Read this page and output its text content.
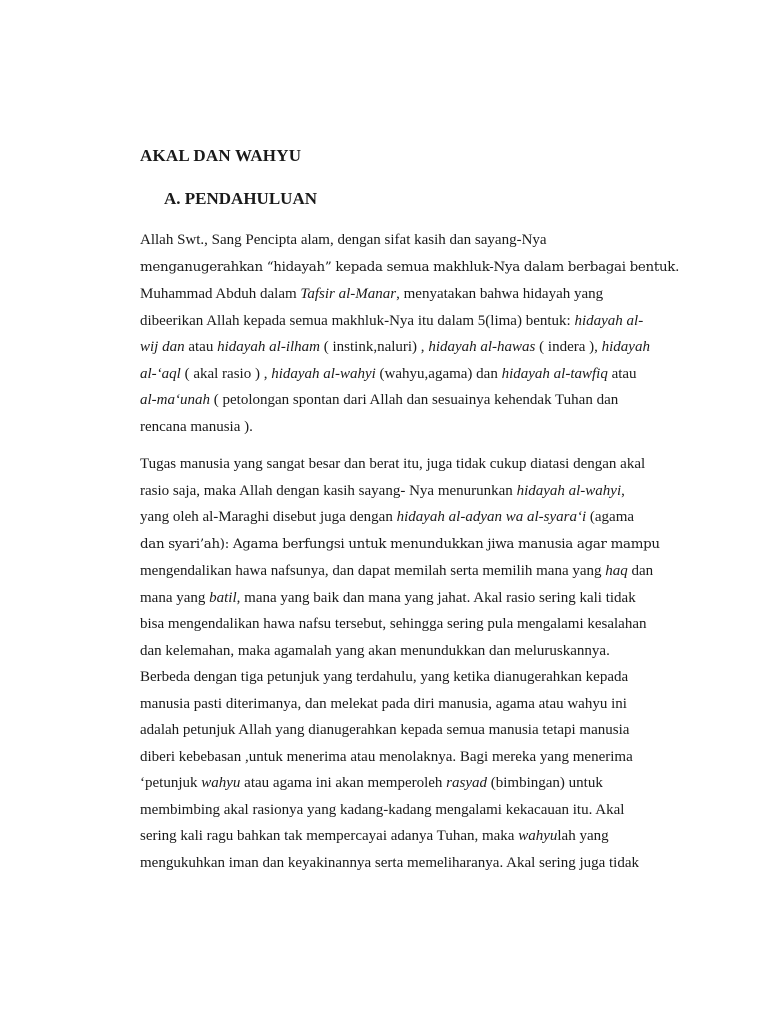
AKAL DAN WAHYU
A. PENDAHULUAN

Allah Swt., Sang Pencipta alam, dengan sifat kasih dan sayang-Nya
menganugerahkan “hidayah” kepada semua makhluk-Nya dalam berbagai bentuk.
Muhammad Abduh dalam Tafsir al-Manar, menyatakan bahwa hidayah yang
dibeerikan Allah kepada semua makhluk-Nya itu dalam 5(lima) bentuk: hidayah al-
wij dan atau hidayah al-ilham ( instink,naluri) , hidayah al-hawas ( indera ), hidayah
al-‘aql ( akal rasio ) , hidayah al-wahyi (wahyu,agama) dan hidayah al-tawfiq atau
al-ma‘unah ( petolongan spontan dari Allah dan sesuainya kehendak Tuhan dan
rencana manusia ).

Tugas manusia yang sangat besar dan berat itu, juga tidak cukup diatasi dengan akal
rasio saja, maka Allah dengan kasih sayang- Nya menurunkan hidayah al-wahyi,
yang oleh al-Maraghi disebut juga dengan hidayah al-adyan wa al-syara‘i (agama
dan syari’ah): Agama berfungsi untuk menundukkan jiwa manusia agar mampu
mengendalikan hawa nafsunya, dan dapat memilah serta memilih mana yang haq dan
mana yang batil, mana yang baik dan mana yang jahat. Akal rasio sering kali tidak
bisa mengendalikan hawa nafsu tersebut, sehingga sering pula mengalami kesalahan
dan kelemahan, maka agamalah yang akan menundukkan dan meluruskannya.
Berbeda dengan tiga petunjuk yang terdahulu, yang ketika dianugerahkan kepada
manusia pasti diterimanya, dan melekat pada diri manusia, agama atau wahyu ini
adalah petunjuk Allah yang dianugerahkan kepada semua manusia tetapi manusia
diberi kebebasan ,untuk menerima atau menolaknya. Bagi mereka yang menerima
‘petunjuk wahyu atau agama ini akan memperoleh rasyad (bimbingan) untuk
membimbing akal rasionya yang kadang-kadang mengalami kekacauan itu. Akal
sering kali ragu bahkan tak mempercayai adanya Tuhan, maka wahyulah yang
mengukuhkan iman dan keyakinannya serta memeliharanya. Akal sering juga tidak
